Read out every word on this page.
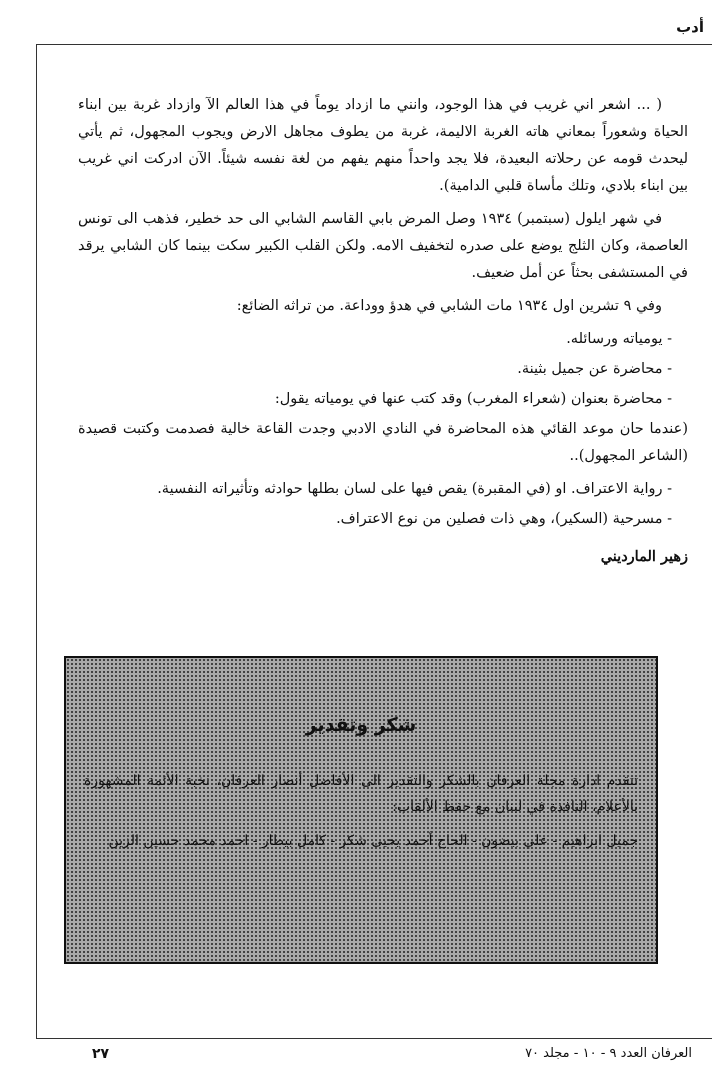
أدب

( ... اشعر اني غريب في هذا الوجود، وانني ما ازداد يوماً في هذا العالم الآ وازداد غربة بين ابناء الحياة وشعوراً بمعاني هاته الغربة الاليمة، غربة من يطوف مجاهل الارض ويجوب المجهول، ثم يأتي ليحدث قومه عن رحلاته البعيدة، فلا يجد واحداً منهم يفهم من لغة نفسه شيئاً. الآن ادركت اني غريب بين ابناء بلادي، وتلك مأساة قلبي الدامية).

في شهر ايلول (سبتمبر) ١٩٣٤ وصل المرض بابي القاسم الشابي الى حد خطير، فذهب الى تونس العاصمة، وكان الثلج يوضع على صدره لتخفيف الامه. ولكن القلب الكبير سكت بينما كان الشابي يرقد في المستشفى بحثاً عن أمل ضعيف.

وفي ٩ تشرين اول ١٩٣٤ مات الشابي في هدؤ ووداعة. من تراثه الضائع:

- يومياته ورسائله.

- محاضرة عن جميل بثينة.

- محاضرة بعنوان (شعراء المغرب) وقد كتب عنها في يومياته يقول:

(عندما حان موعد القائي هذه المحاضرة في النادي الادبي وجدت القاعة خالية فصدمت وكتبت قصيدة (الشاعر المجهول)..

- رواية الاعتراف. او (في المقبرة) يقص فيها على لسان بطلها حوادثه وتأثيراته النفسية.

- مسرحية (السكير)، وهي ذات فصلين من نوع الاعتراف.

زهير الماردیني

شكر وتقدير

تتقدم ادارة مجلة العرفان بالشكر والتقدير الى الأفاضل أنصار العرفان، نخبة الأئمة المشهورة بالأعلام، النافذة في لبنان مع حفظ الألقاب:

جميل ابراهيم - علي بيضون - الحاج أحمد يحيى شكر - كامل بيطار - احمد محمد حسين الزين

العرفان العدد ٩ - ١٠ - مجلد ٧٠
٢٧
